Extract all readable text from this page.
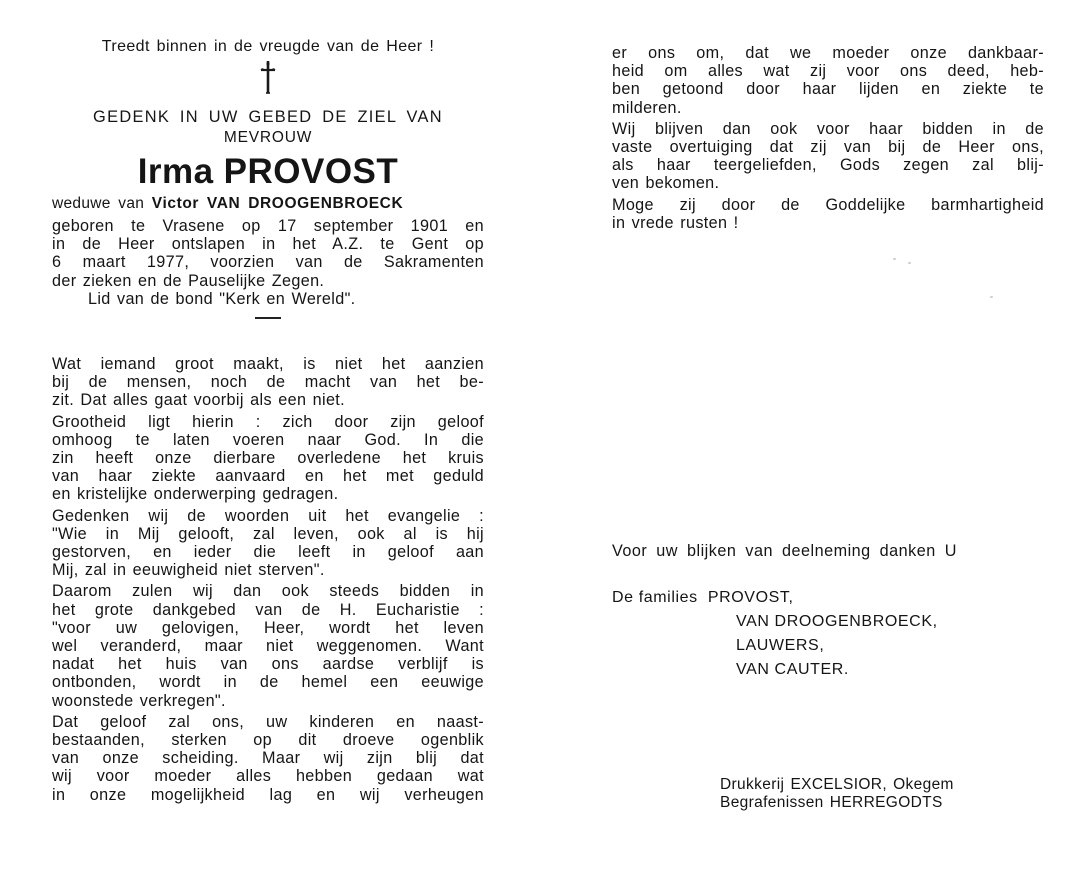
Treedt binnen in de vreugde van de Heer !
GEDENK IN UW GEBED DE ZIEL VAN
MEVROUW
Irma PROVOST
weduwe van Victor VAN DROOGENBROECK
geboren te Vrasene op 17 september 1901 en
in de Heer ontslapen in het A.Z. te Gent op
6 maart 1977, voorzien van de Sakramenten
der zieken en de Pauselijke Zegen.
Lid van de bond "Kerk en Wereld".
Wat iemand groot maakt, is niet het aanzien
bij de mensen, noch de macht van het be-
zit. Dat alles gaat voorbij als een niet.
Grootheid ligt hierin : zich door zijn geloof
omhoog te laten voeren naar God. In die
zin heeft onze dierbare overledene het kruis
van haar ziekte aanvaard en het met geduld
en kristelijke onderwerping gedragen.
Gedenken wij de woorden uit het evangelie :
"Wie in Mij gelooft, zal leven, ook al is hij
gestorven, en ieder die leeft in geloof aan
Mij, zal in eeuwigheid niet sterven".
Daarom zulen wij dan ook steeds bidden in
het grote dankgebed van de H. Eucharistie :
"voor uw gelovigen, Heer, wordt het leven
wel veranderd, maar niet weggenomen. Want
nadat het huis van ons aardse verblijf is
ontbonden, wordt in de hemel een eeuwige
woonstede verkregen".
Dat geloof zal ons, uw kinderen en naast-
bestaanden, sterken op dit droeve ogenblik
van onze scheiding. Maar wij zijn blij dat
wij voor moeder alles hebben gedaan wat
in onze mogelijkheid lag en wij verheugen
er ons om, dat we moeder onze dankbaar-
heid om alles wat zij voor ons deed, heb-
ben getoond door haar lijden en ziekte te
milderen.
Wij blijven dan ook voor haar bidden in de
vaste overtuiging dat zij van bij de Heer ons,
als haar teergeliefden, Gods zegen zal blij-
ven bekomen.
Moge zij door de Goddelijke barmhartigheid
in vrede rusten !
Voor uw blijken van deelneming danken U
De families PROVOST,
VAN DROOGENBROECK,
LAUWERS,
VAN CAUTER.
Drukkerij EXCELSIOR, Okegem
Begrafenissen HERREGODTS
